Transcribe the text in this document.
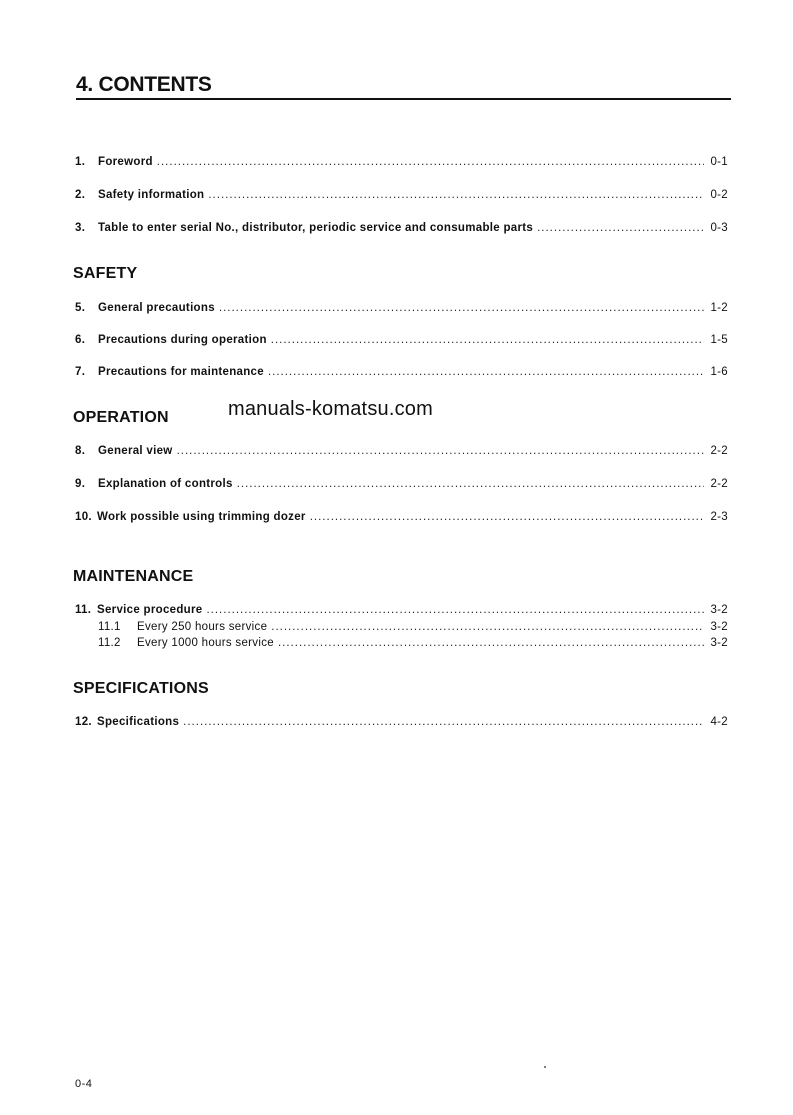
4. CONTENTS
1.	Foreword .....	0-1
2.	Safety information .....	0-2
3.	Table to enter serial No., distributor, periodic service and consumable parts .....	0-3
SAFETY
5.	General precautions .....	1-2
6.	Precautions during operation .....	1-5
7.	Precautions for maintenance .....	1-6
OPERATION	manuals-komatsu.com
8.	General view .....	2-2
9.	Explanation of controls .....	2-2
10. Work possible using trimming dozer .....	2-3
MAINTENANCE
11. Service procedure .....	3-2
11.1	Every 250 hours service .....	3-2
11.2	Every 1000 hours service .....	3-2
SPECIFICATIONS
12. Specifications .....	4-2
0-4
